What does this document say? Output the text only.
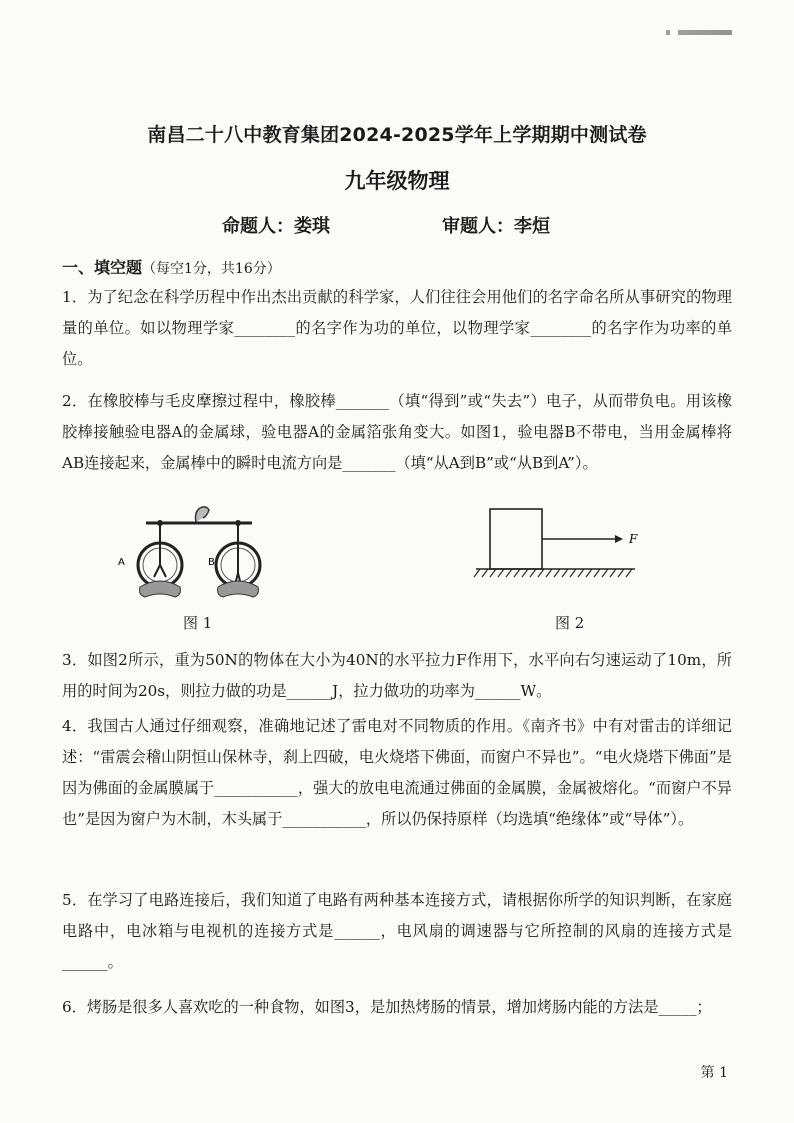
南昌二十八中教育集团2024-2025学年上学期期中测试卷
九年级物理
命题人：娄琪	审题人：李烜
一、填空题（每空1分，共16分）
1．为了纪念在科学历程中作出杰出贡献的科学家，人们往往会用他们的名字命名所从事研究的物理量的单位。如以物理学家________的名字作为功的单位，以物理学家________的名字作为功率的单位。
2．在橡胶棒与毛皮摩擦过程中，橡胶棒_______（填“得到”或“失去”）电子，从而带负电。用该橡胶棒接触验电器A的金属球，验电器A的金属箔张角变大。如图1，验电器B不带电，当用金属棒将AB连接起来，金属棒中的瞬时电流方向是_______（填“从A到B”或“从B到A”）。
A	B
F
图 1	图 2
3．如图2所示，重为50N的物体在大小为40N的水平拉力F作用下，水平向右匀速运动了10m，所用的时间为20s，则拉力做的功是______J，拉力做功的功率为______W。
4．我国古人通过仔细观察，准确地记述了雷电对不同物质的作用。《南齐书》中有对雷击的详细记述：“雷震会稽山阴恒山保林寺，刹上四破，电火烧塔下佛面，而窗户不异也”。“电火烧塔下佛面”是因为佛面的金属膜属于___________，强大的放电电流通过佛面的金属膜，金属被熔化。“而窗户不异也”是因为窗户为木制，木头属于___________，所以仍保持原样（均选填“绝缘体”或“导体”）。
5．在学习了电路连接后，我们知道了电路有两种基本连接方式，请根据你所学的知识判断，在家庭电路中，电冰箱与电视机的连接方式是______，电风扇的调速器与它所控制的风扇的连接方式是______。
6．烤肠是很多人喜欢吃的一种食物，如图3，是加热烤肠的情景，增加烤肠内能的方法是_____；
第 1
